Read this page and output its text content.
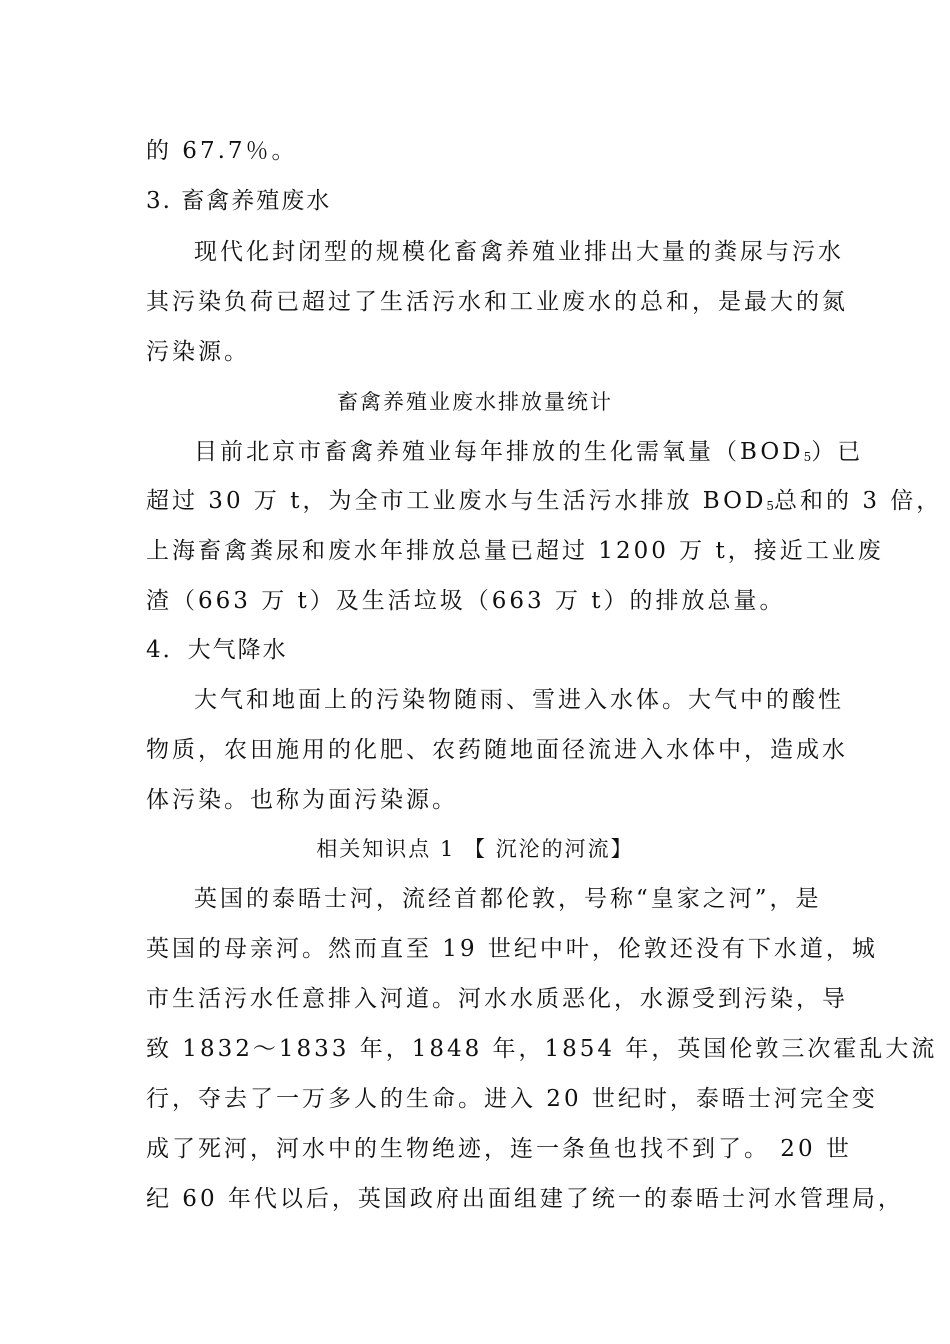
的 67.7％。
3. 畜禽养殖废水
现代化封闭型的规模化畜禽养殖业排出大量的粪尿与污水
其污染负荷已超过了生活污水和工业废水的总和，是最大的氮
污染源。
畜禽养殖业废水排放量统计
目前北京市畜禽养殖业每年排放的生化需氧量$(BOD_5)$已
超过 30 万 t，为全市工业废水与生活污水排放 $BOD_5$总和的 3 倍，
上海畜禽粪尿和废水年排放总量已超过 1200 万 t，接近工业废
渣（663 万 t）及生活垃圾（663 万 t）的排放总量。
4．大气降水
大气和地面上的污染物随雨、雪进入水体。大气中的酸性
物质，农田施用的化肥、农药随地面径流进入水体中，造成水
体污染。也称为面污染源。
相关知识点 1 【 沉沦的河流】
英国的泰晤士河，流经首都伦敦，号称“皇家之河”，是
英国的母亲河。然而直至 19 世纪中叶，伦敦还没有下水道，城
市生活污水任意排入河道。河水水质恶化，水源受到污染，导
致 1832～1833 年，1848 年，1854 年，英国伦敦三次霍乱大流
行，夺去了一万多人的生命。进入 20 世纪时，泰晤士河完全变
成了死河，河水中的生物绝迹，连一条鱼也找不到了。 20 世
纪 60 年代以后，英国政府出面组建了统一的泰晤士河水管理局，
